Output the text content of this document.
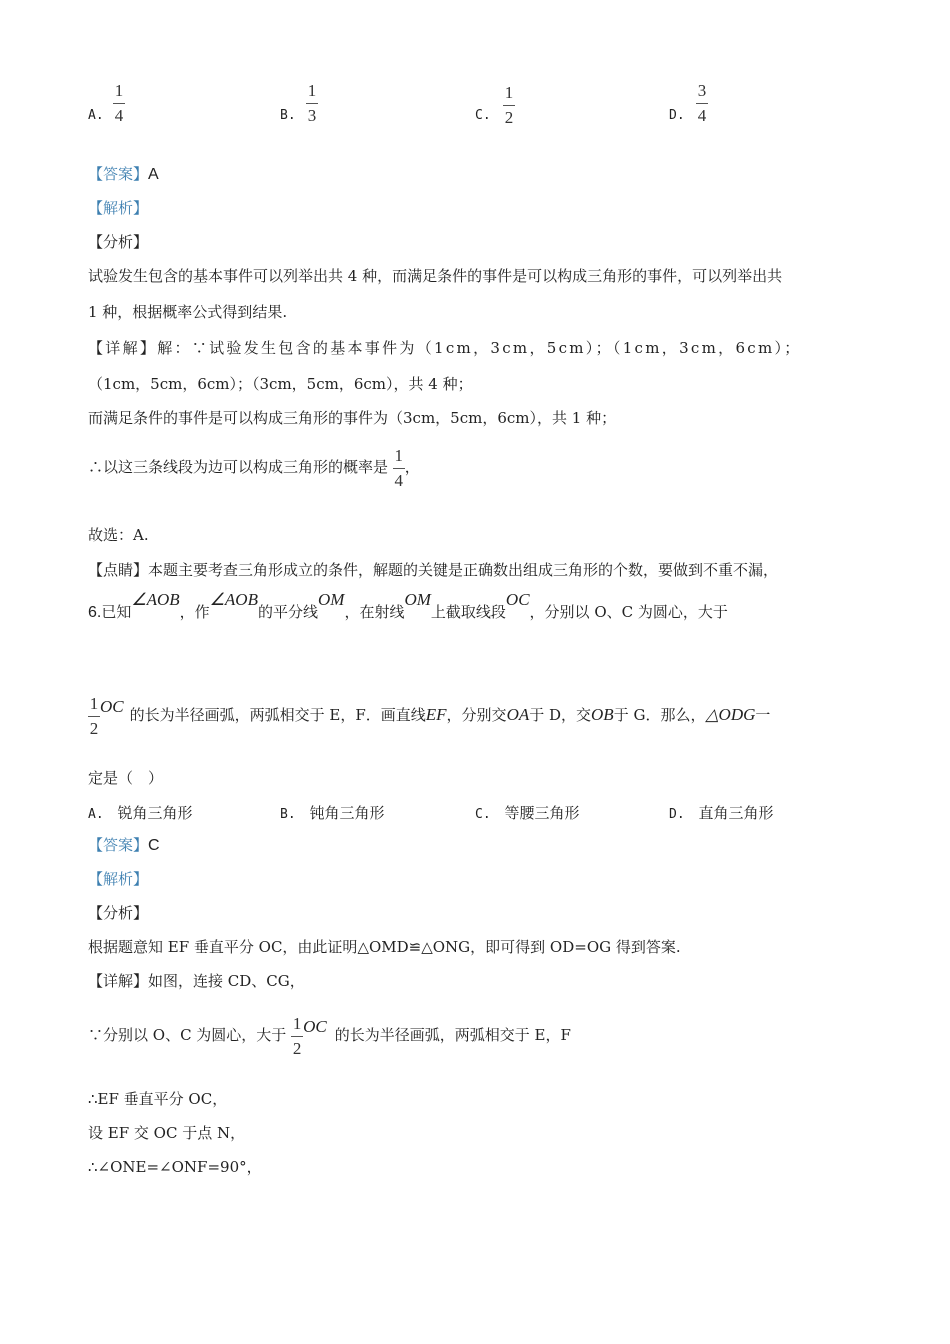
A.
1
4	B.
1
3	C.
1
2	D.
3
4
【答案】A
【解析】
【分析】
试验发生包含的基本事件可以列举出共 4 种，而满足条件的事件是可以构成三角形的事件，可以列举出共
1 种，根据概率公式得到结果.
【详解】解：∵试验发生包含的基本事件为（1cm，3cm，5cm）；（1cm，3cm，6cm）；
（1cm，5cm，6cm）；（3cm，5cm，6cm），共 4 种；
而满足条件的事件是可以构成三角形的事件为（3cm，5cm，6cm），共 1 种；
∴以这三条线段为边可以构成三角形的概率是 $\frac{1}{4}$ ，
故选：A.
【点睛】本题主要考查三角形成立的条件，解题的关键是正确数出组成三角形的个数，要做到不重不漏，
6.已知∠AOB，作∠AOB的平分线OM，在射线OM上截取线段OC，分别以 O、C 为圆心，大于
$\frac{1}{2}$ OC 的长为半径画弧，两弧相交于 E，F．画直线EF，分别交OA于 D，交OB于 G．那么，△ODG一
定是（　）
A. 锐角三角形	B. 钝角三角形	C. 等腰三角形	D. 直角三角形
【答案】C
【解析】
【分析】
根据题意知 EF 垂直平分 OC，由此证明△OMD≌△ONG，即可得到 OD=OG 得到答案.
【详解】如图，连接 CD、CG，
∵分别以 O、C 为圆心，大于 $\frac{1}{2}$ OC 的长为半径画弧，两弧相交于 E，F
∴EF 垂直平分 OC，
设 EF 交 OC 于点 N，
∴∠ONE=∠ONF=90°，
